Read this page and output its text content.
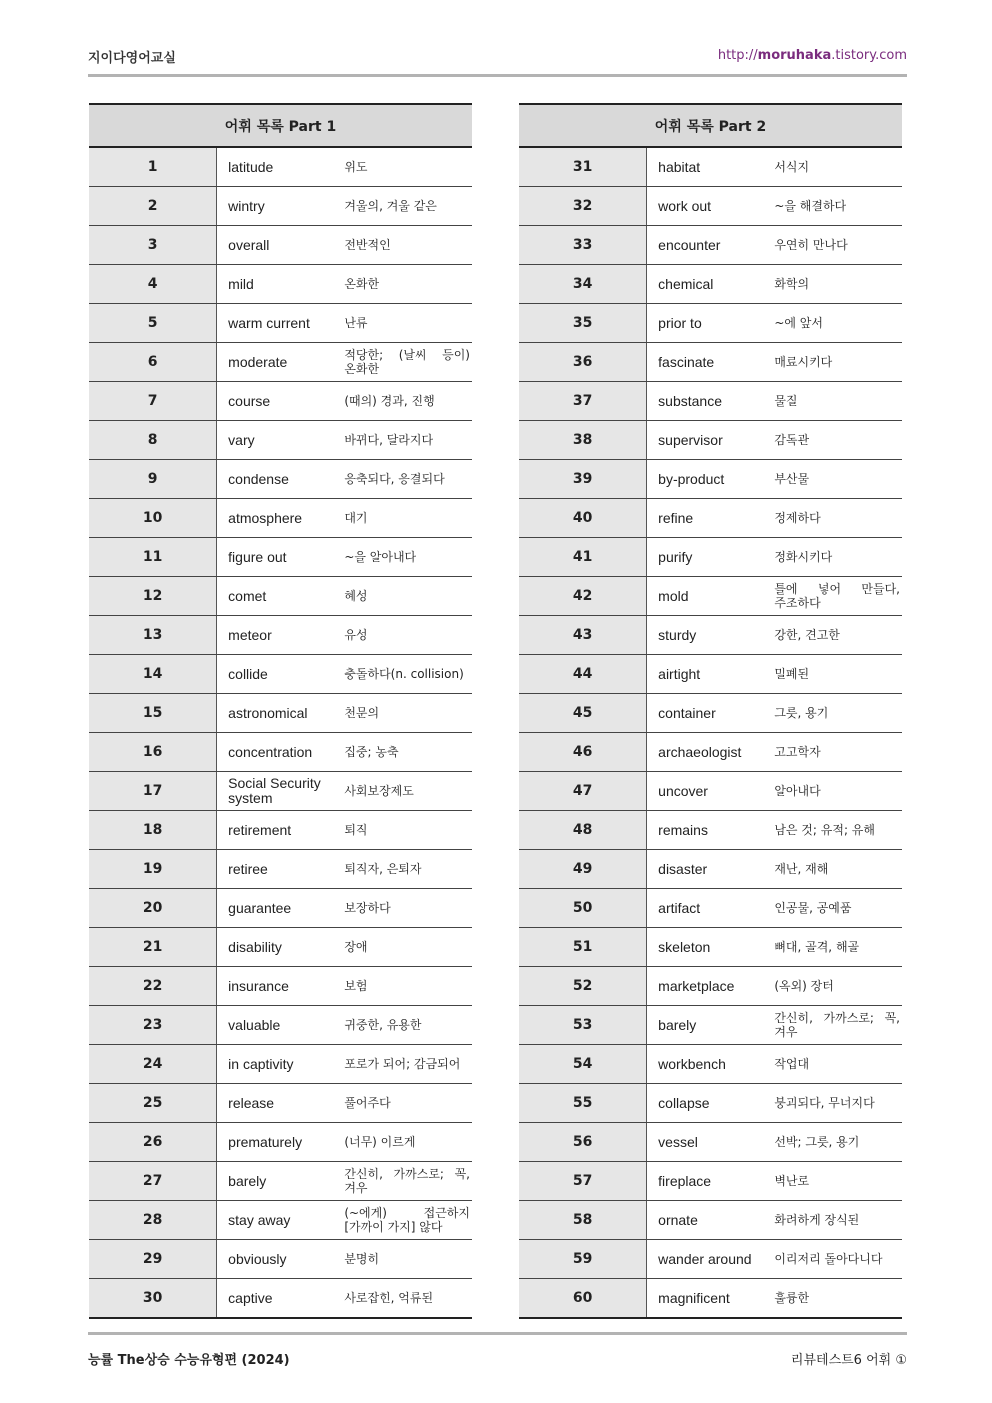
지이다영어교실	http://moruhaka.tistory.com
어휘 목록 Part 1		
1	latitude	위도
2	wintry	겨울의, 겨울 같은
3	overall	전반적인
4	mild	온화한
5	warm current	난류
6	moderate	적당한; (날씨 등이) 온화한
7	course	(때의) 경과, 진행
8	vary	바뀌다, 달라지다
9	condense	응축되다, 응결되다
10	atmosphere	대기
11	figure out	~을 알아내다
12	comet	혜성
13	meteor	유성
14	collide	충돌하다(n. collision)
15	astronomical	천문의
16	concentration	집중; 농축
17	Social Security system	사회보장제도
18	retirement	퇴직
19	retiree	퇴직자, 은퇴자
20	guarantee	보장하다
21	disability	장애
22	insurance	보험
23	valuable	귀중한, 유용한
24	in captivity	포로가 되어; 감금되어
25	release	풀어주다
26	prematurely	(너무) 이르게
27	barely	간신히, 가까스로; 꼭, 겨우
28	stay away	(~에게) 접근하지[가까이 가지] 않다
29	obviously	분명히
30	captive	사로잡힌, 억류된
어휘 목록 Part 2		
31	habitat	서식지
32	work out	~을 해결하다
33	encounter	우연히 만나다
34	chemical	화학의
35	prior to	~에 앞서
36	fascinate	매료시키다
37	substance	물질
38	supervisor	감독관
39	by-product	부산물
40	refine	정제하다
41	purify	정화시키다
42	mold	틀에 넣어 만들다, 주조하다
43	sturdy	강한, 견고한
44	airtight	밀폐된
45	container	그릇, 용기
46	archaeologist	고고학자
47	uncover	알아내다
48	remains	남은 것; 유적; 유해
49	disaster	재난, 재해
50	artifact	인공물, 공예품
51	skeleton	뼈대, 골격, 해골
52	marketplace	(옥외) 장터
53	barely	간신히, 가까스로; 꼭, 겨우
54	workbench	작업대
55	collapse	붕괴되다, 무너지다
56	vessel	선박; 그릇, 용기
57	fireplace	벽난로
58	ornate	화려하게 장식된
59	wander around	이리저리 돌아다니다
60	magnificent	훌륭한
능률 The상승 수능유형편 (2024)	리뷰테스트6 어휘 ①
